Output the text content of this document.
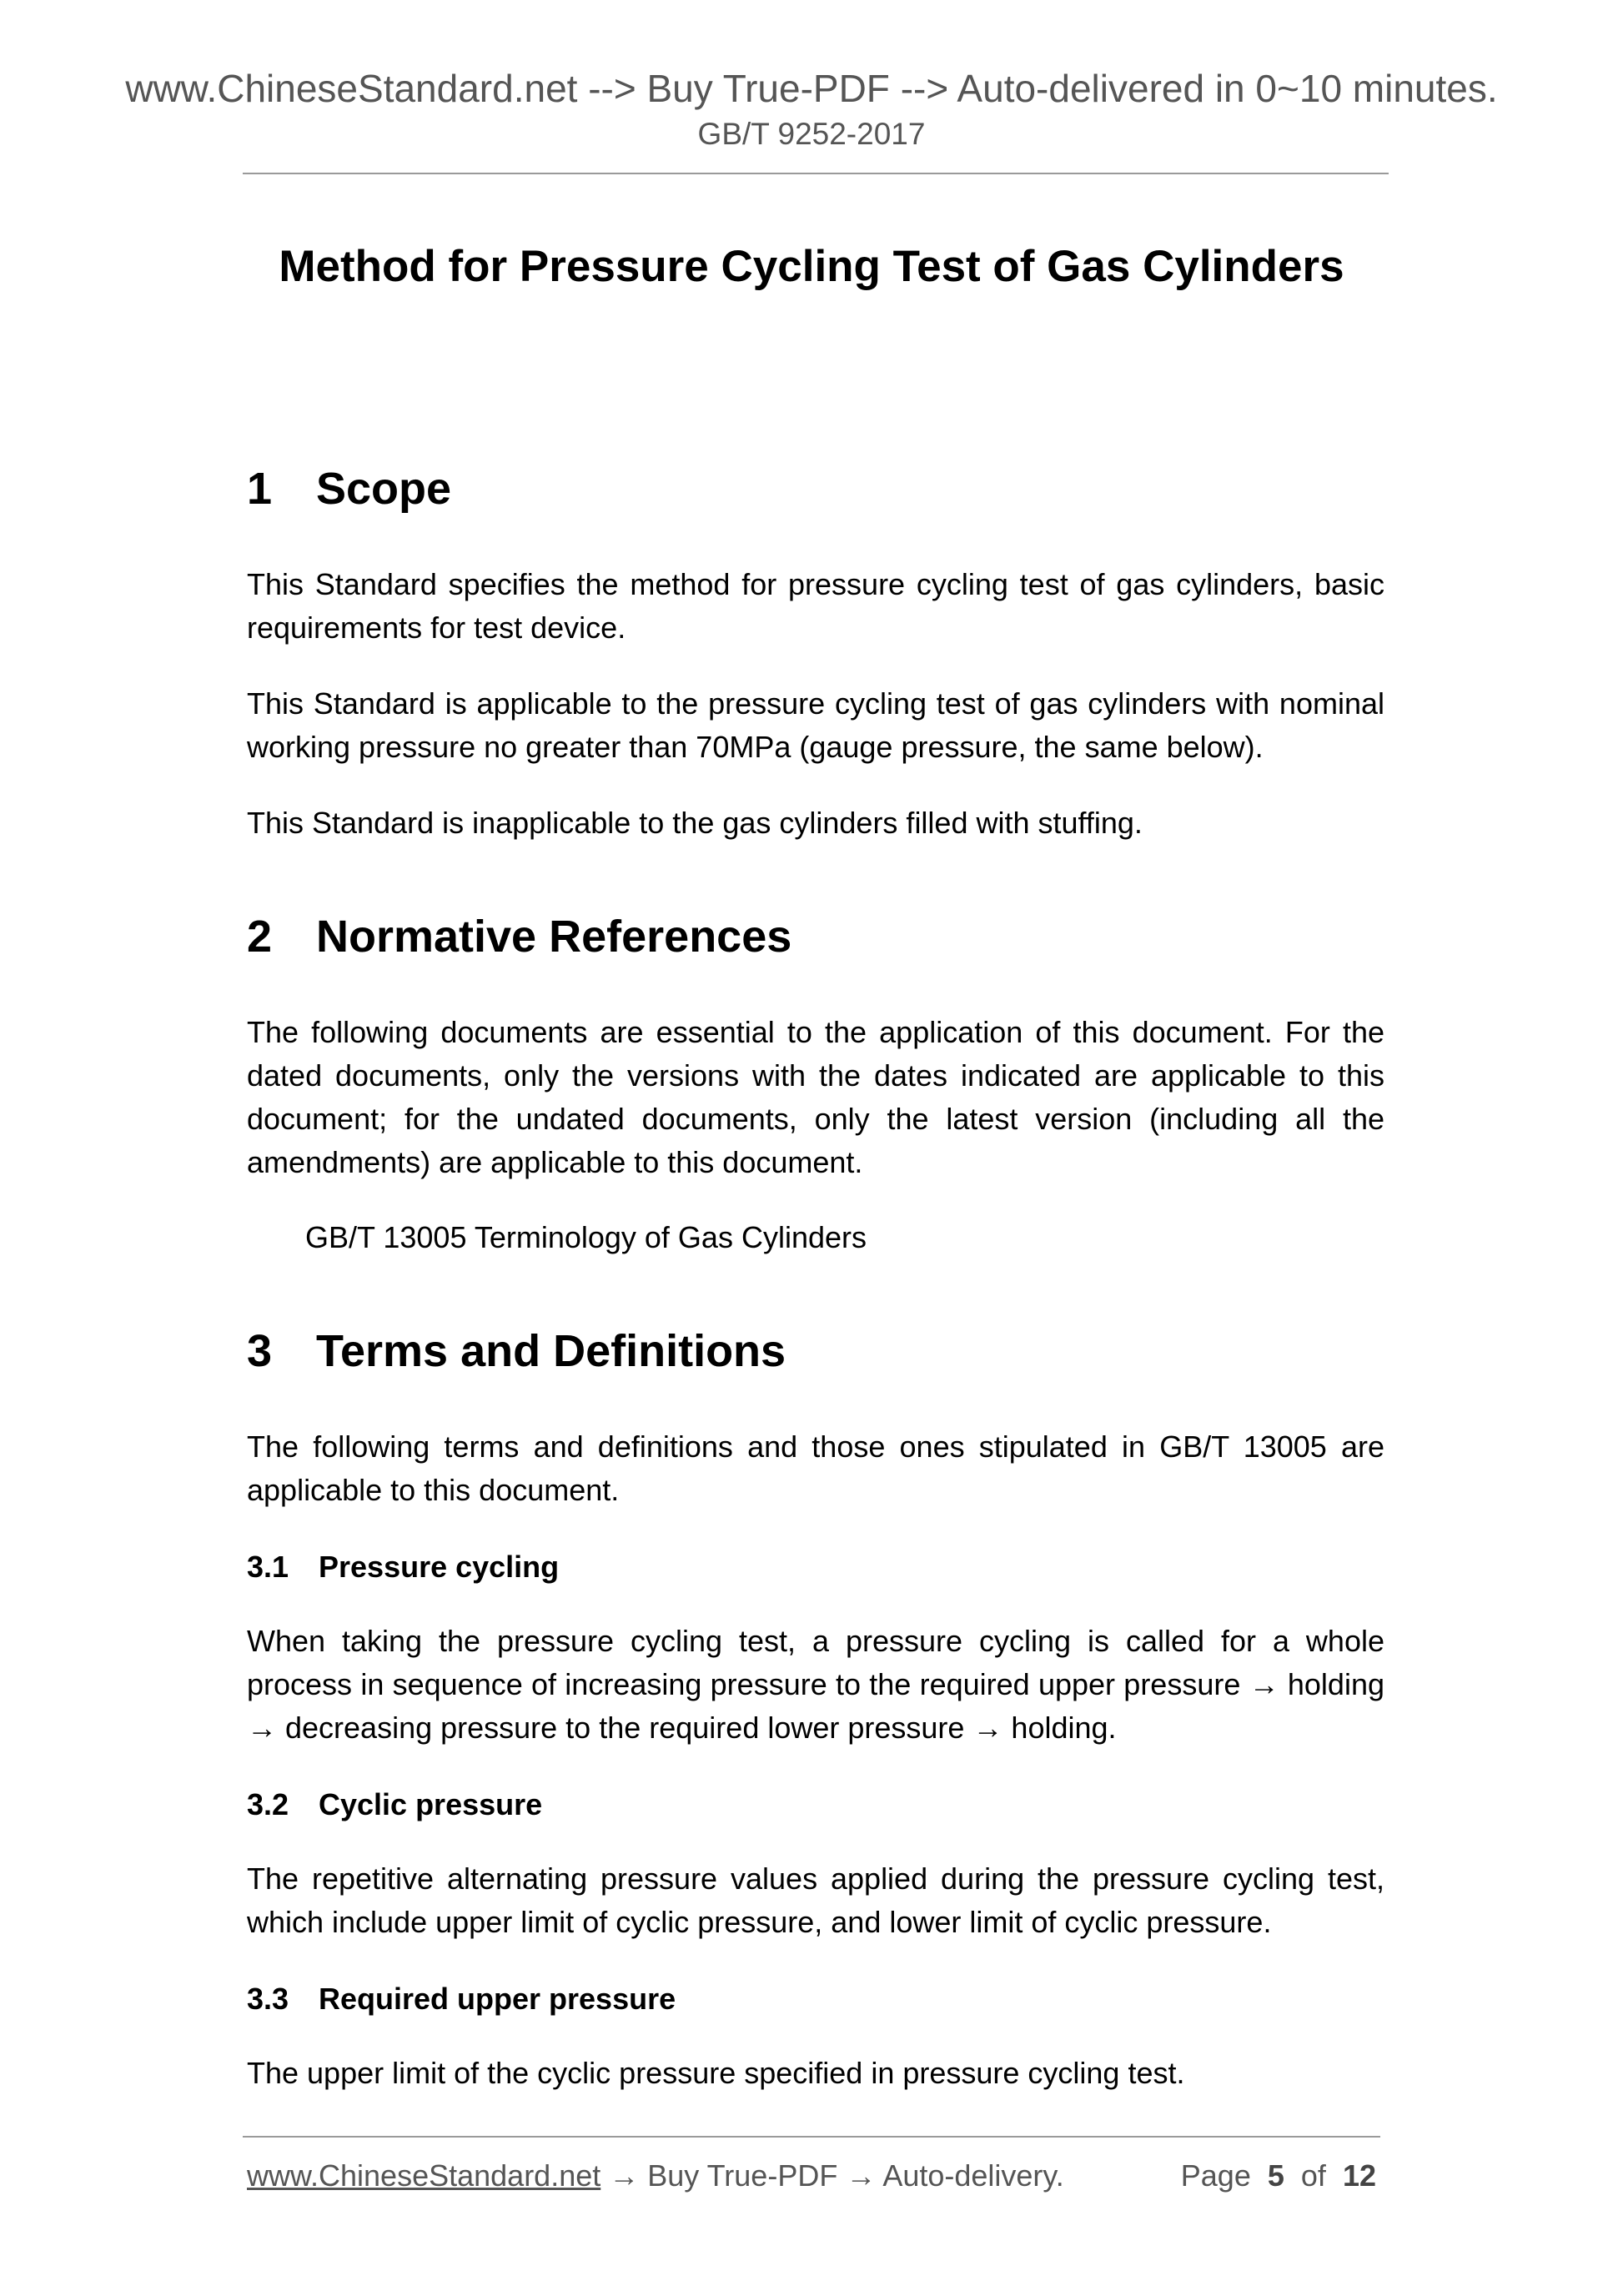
www.ChineseStandard.net --> Buy True-PDF --> Auto-delivered in 0~10 minutes.
GB/T 9252-2017
Method for Pressure Cycling Test of Gas Cylinders
1 Scope

This Standard specifies the method for pressure cycling test of gas cylinders, basic requirements for test device.

This Standard is applicable to the pressure cycling test of gas cylinders with nominal working pressure no greater than 70MPa (gauge pressure, the same below).

This Standard is inapplicable to the gas cylinders filled with stuffing.

2 Normative References

The following documents are essential to the application of this document. For the dated documents, only the versions with the dates indicated are applicable to this document; for the undated documents, only the latest version (including all the amendments) are applicable to this document.

GB/T 13005 Terminology of Gas Cylinders

3 Terms and Definitions

The following terms and definitions and those ones stipulated in GB/T 13005 are applicable to this document.

3.1 Pressure cycling

When taking the pressure cycling test, a pressure cycling is called for a whole process in sequence of increasing pressure to the required upper pressure → holding → decreasing pressure to the required lower pressure → holding.

3.2 Cyclic pressure

The repetitive alternating pressure values applied during the pressure cycling test, which include upper limit of cyclic pressure, and lower limit of cyclic pressure.

3.3 Required upper pressure

The upper limit of the cyclic pressure specified in pressure cycling test.

www.ChineseStandard.net → Buy True-PDF → Auto-delivery.	Page 5 of 12
